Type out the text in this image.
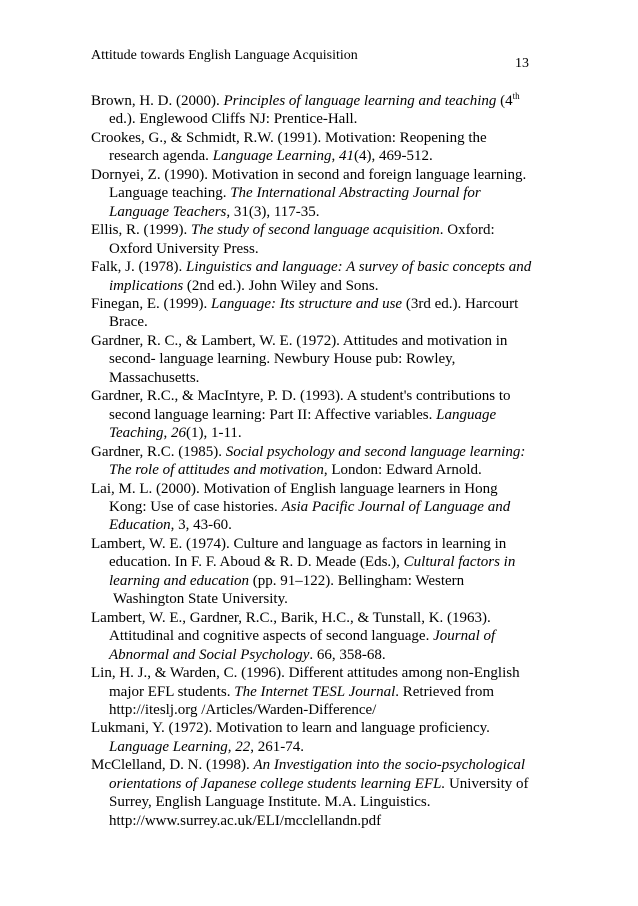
Attitude towards English Language Acquisition
13
Brown, H. D. (2000). Principles of language learning and teaching (4th
ed.). Englewood Cliffs NJ: Prentice-Hall.
Crookes, G., & Schmidt, R.W. (1991). Motivation: Reopening the
research agenda. Language Learning, 41(4), 469-512.
Dornyei, Z. (1990). Motivation in second and foreign language learning.
Language teaching. The International Abstracting Journal for
Language Teachers, 31(3), 117-35.
Ellis, R. (1999). The study of second language acquisition. Oxford:
Oxford University Press.
Falk, J. (1978). Linguistics and language: A survey of basic concepts and
implications (2nd ed.). John Wiley and Sons.
Finegan, E. (1999). Language: Its structure and use (3rd ed.). Harcourt
Brace.
Gardner, R. C., & Lambert, W. E. (1972). Attitudes and motivation in
second- language learning. Newbury House pub: Rowley,
Massachusetts.
Gardner, R.C., & MacIntyre, P. D. (1993). A student's contributions to
second language learning: Part II: Affective variables. Language
Teaching, 26(1), 1-11.
Gardner, R.C. (1985). Social psychology and second language learning:
The role of attitudes and motivation, London: Edward Arnold.
Lai, M. L. (2000). Motivation of English language learners in Hong
Kong: Use of case histories. Asia Pacific Journal of Language and
Education, 3, 43-60.
Lambert, W. E. (1974). Culture and language as factors in learning in
education. In F. F. Aboud & R. D. Meade (Eds.), Cultural factors in
learning and education (pp. 91–122). Bellingham: Western
Washington State University.
Lambert, W. E., Gardner, R.C., Barik, H.C., & Tunstall, K. (1963).
Attitudinal and cognitive aspects of second language. Journal of
Abnormal and Social Psychology. 66, 358-68.
Lin, H. J., & Warden, C. (1996). Different attitudes among non-English
major EFL students. The Internet TESL Journal. Retrieved from
http://iteslj.org /Articles/Warden-Difference/
Lukmani, Y. (1972). Motivation to learn and language proficiency.
Language Learning, 22, 261-74.
McClelland, D. N. (1998). An Investigation into the socio-psychological
orientations of Japanese college students learning EFL. University of
Surrey, English Language Institute. M.A. Linguistics.
http://www.surrey.ac.uk/ELI/mcclellandn.pdf
